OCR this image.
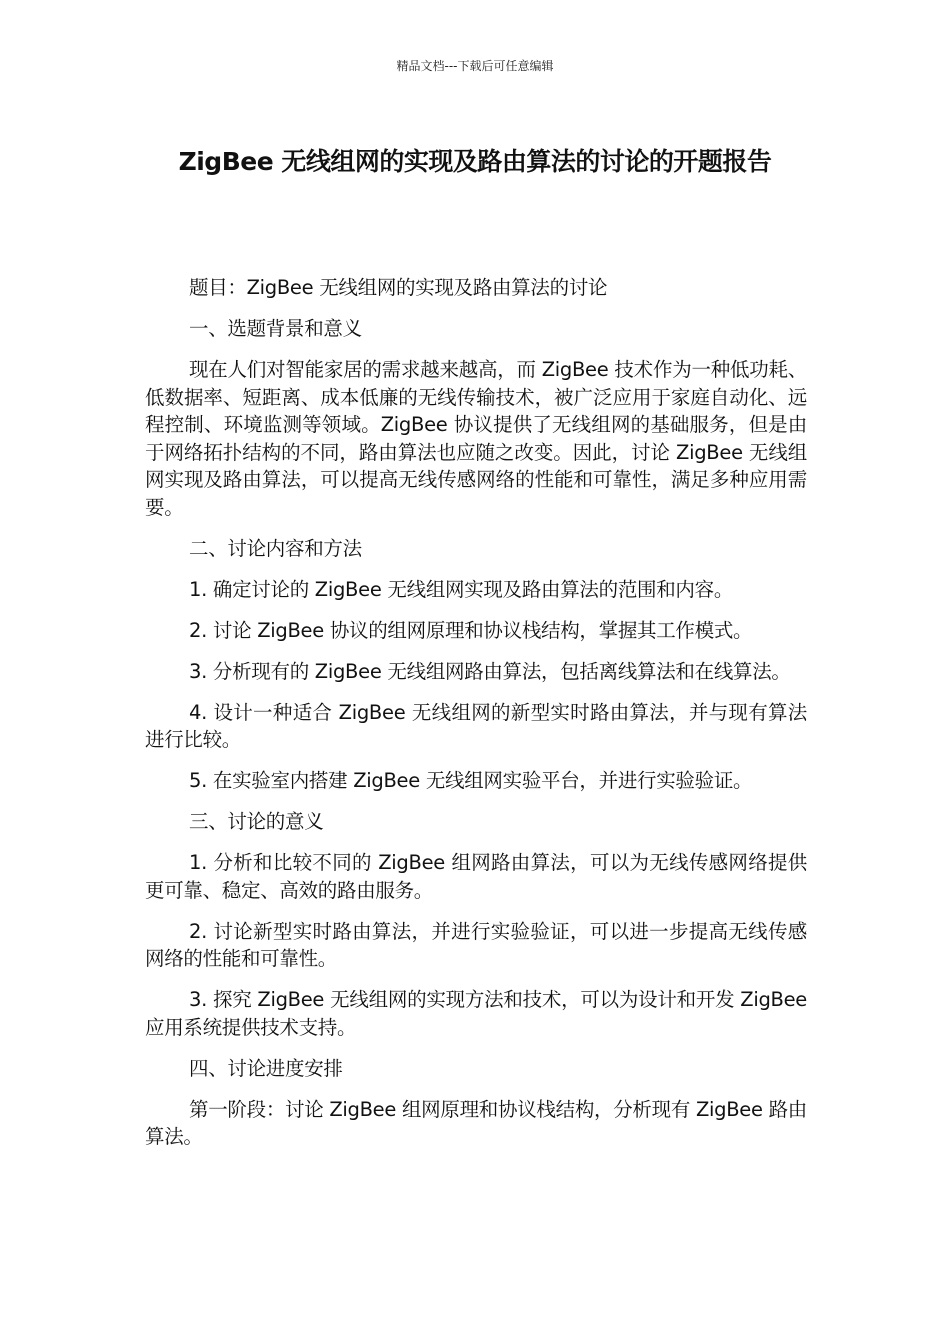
精品文档---下载后可任意编辑
ZigBee 无线组网的实现及路由算法的讨论的开题报告

题目：ZigBee 无线组网的实现及路由算法的讨论

一、选题背景和意义

现在人们对智能家居的需求越来越高，而 ZigBee 技术作为一种低功耗、低数据率、短距离、成本低廉的无线传输技术，被广泛应用于家庭自动化、远程控制、环境监测等领域。ZigBee 协议提供了无线组网的基础服务，但是由于网络拓扑结构的不同，路由算法也应随之改变。因此，讨论 ZigBee 无线组网实现及路由算法，可以提高无线传感网络的性能和可靠性，满足多种应用需要。

二、讨论内容和方法

1. 确定讨论的 ZigBee 无线组网实现及路由算法的范围和内容。

2. 讨论 ZigBee 协议的组网原理和协议栈结构，掌握其工作模式。

3. 分析现有的 ZigBee 无线组网路由算法，包括离线算法和在线算法。

4. 设计一种适合 ZigBee 无线组网的新型实时路由算法，并与现有算法进行比较。

5. 在实验室内搭建 ZigBee 无线组网实验平台，并进行实验验证。

三、讨论的意义

1. 分析和比较不同的 ZigBee 组网路由算法，可以为无线传感网络提供更可靠、稳定、高效的路由服务。

2. 讨论新型实时路由算法，并进行实验验证，可以进一步提高无线传感网络的性能和可靠性。

3. 探究 ZigBee 无线组网的实现方法和技术，可以为设计和开发 ZigBee 应用系统提供技术支持。

四、讨论进度安排

第一阶段：讨论 ZigBee 组网原理和协议栈结构，分析现有 ZigBee 路由算法。
